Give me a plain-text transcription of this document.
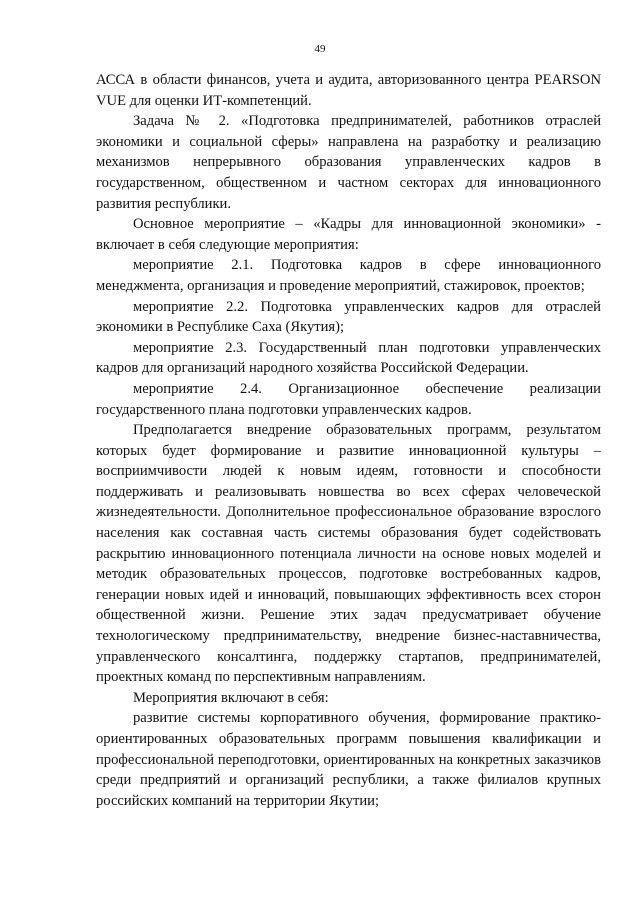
49

АССА в области финансов, учета и аудита, авторизованного центра PEARSON VUE для оценки ИТ-компетенций.

Задача № 2. «Подготовка предпринимателей, работников отраслей экономики и социальной сферы» направлена на разработку и реализацию механизмов непрерывного образования управленческих кадров в государственном, общественном и частном секторах для инновационного развития республики.

Основное мероприятие – «Кадры для инновационной экономики» - включает в себя следующие мероприятия:

мероприятие 2.1. Подготовка кадров в сфере инновационного менеджмента, организация и проведение мероприятий, стажировок, проектов;

мероприятие 2.2. Подготовка управленческих кадров для отраслей экономики в Республике Саха (Якутия);

мероприятие 2.3. Государственный план подготовки управленческих кадров для организаций народного хозяйства Российской Федерации.

мероприятие 2.4. Организационное обеспечение реализации государственного плана подготовки управленческих кадров.

Предполагается внедрение образовательных программ, результатом которых будет формирование и развитие инновационной культуры – восприимчивости людей к новым идеям, готовности и способности поддерживать и реализовывать новшества во всех сферах человеческой жизнедеятельности. Дополнительное профессиональное образование взрослого населения как составная часть системы образования будет содействовать раскрытию инновационного потенциала личности на основе новых моделей и методик образовательных процессов, подготовке востребованных кадров, генерации новых идей и инноваций, повышающих эффективность всех сторон общественной жизни. Решение этих задач предусматривает обучение технологическому предпринимательству, внедрение бизнес-наставничества, управленческого консалтинга, поддержку стартапов, предпринимателей, проектных команд по перспективным направлениям.

Мероприятия включают в себя:

развитие системы корпоративного обучения, формирование практико-ориентированных образовательных программ повышения квалификации и профессиональной переподготовки, ориентированных на конкретных заказчиков среди предприятий и организаций республики, а также филиалов крупных российских компаний на территории Якутии;
